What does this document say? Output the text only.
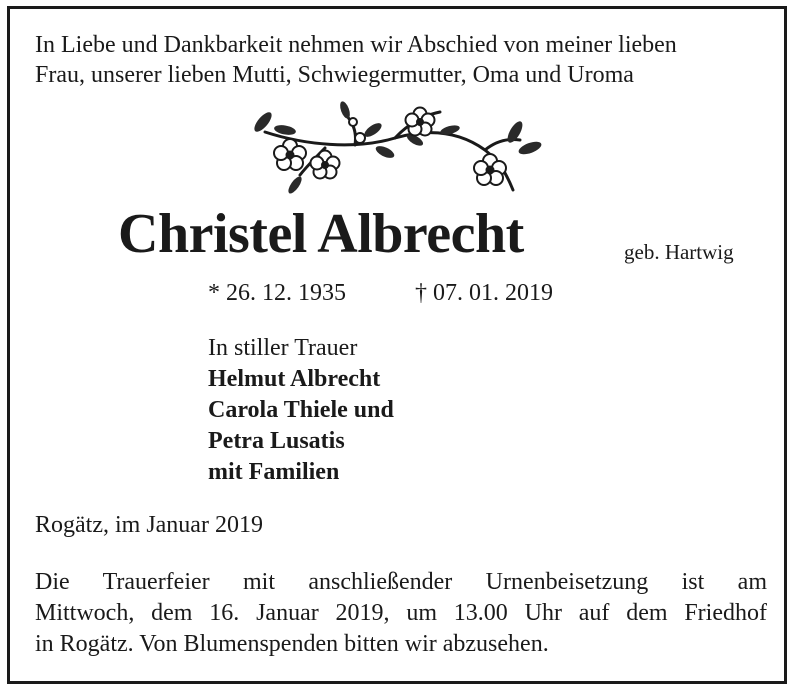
In Liebe und Dankbarkeit nehmen wir Abschied von meiner lieben
Frau, unserer lieben Mutti, Schwiegermutter, Oma und Uroma

Christel Albrecht	geb. Hartwig
* 26. 12. 1935	† 07. 01. 2019
In stiller Trauer
Helmut Albrecht
Carola Thiele und
Petra Lusatis
mit Familien
Rogätz, im Januar 2019
Die Trauerfeier mit anschließender Urnenbeisetzung ist am
Mittwoch, dem 16. Januar 2019, um 13.00 Uhr auf dem Friedhof
in Rogätz. Von Blumenspenden bitten wir abzusehen.
